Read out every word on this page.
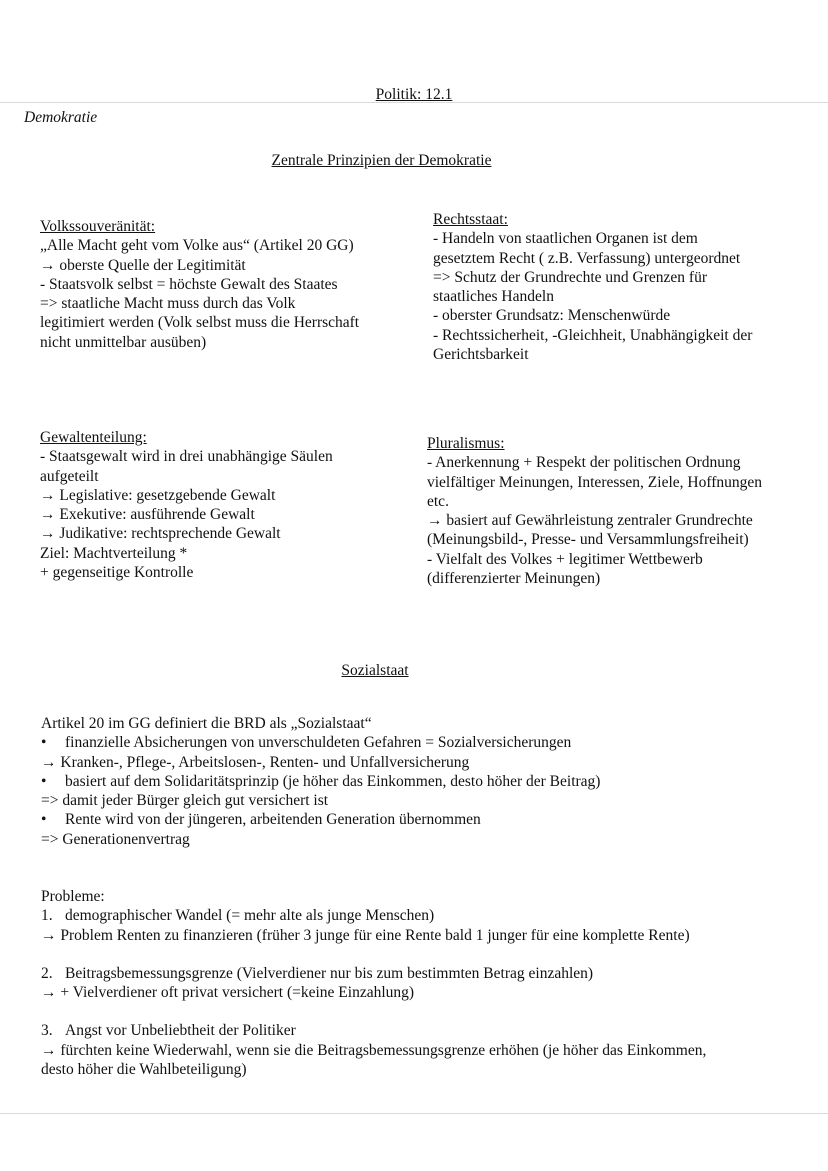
Politik: 12.1
Demokratie
Zentrale Prinzipien der Demokratie
Volkssouveränität:
„Alle Macht geht vom Volke aus“ (Artikel 20 GG)
→ oberste Quelle der Legitimität
- Staatsvolk selbst = höchste Gewalt des Staates
=> staatliche Macht muss durch das Volk
legitimiert werden (Volk selbst muss die Herrschaft
nicht unmittelbar ausüben)
Rechtsstaat:
- Handeln von staatlichen Organen ist dem
gesetztem Recht ( z.B. Verfassung) untergeordnet
=> Schutz der Grundrechte und Grenzen für
staatliches Handeln
- oberster Grundsatz: Menschenwürde
- Rechtssicherheit, -Gleichheit, Unabhängigkeit der
Gerichtsbarkeit
Gewaltenteilung:
- Staatsgewalt wird in drei unabhängige Säulen
aufgeteilt
→ Legislative: gesetzgebende Gewalt
→ Exekutive: ausführende Gewalt
→ Judikative: rechtsprechende Gewalt
Ziel: Machtverteilung *
+ gegenseitige Kontrolle
Pluralismus:
- Anerkennung + Respekt der politischen Ordnung
vielfältiger Meinungen, Interessen, Ziele, Hoffnungen
etc.
→ basiert auf Gewährleistung zentraler Grundrechte
(Meinungsbild-, Presse- und Versammlungsfreiheit)
- Vielfalt des Volkes + legitimer Wettbewerb
(differenzierter Meinungen)
Sozialstaat
Artikel 20 im GG definiert die BRD als „Sozialstaat“
•	finanzielle Absicherungen von unverschuldeten Gefahren = Sozialversicherungen
→ Kranken-, Pflege-, Arbeitslosen-, Renten- und Unfallversicherung
•	basiert auf dem Solidaritätsprinzip (je höher das Einkommen, desto höher der Beitrag)
=> damit jeder Bürger gleich gut versichert ist
•	Rente wird von der jüngeren, arbeitenden Generation übernommen
=> Generationenvertrag
Probleme:
1. demographischer Wandel (= mehr alte als junge Menschen)
→ Problem Renten zu finanzieren (früher 3 junge für eine Rente bald 1 junger für eine komplette Rente)
2. Beitragsbemessungsgrenze (Vielverdiener nur bis zum bestimmten Betrag einzahlen)
→ + Vielverdiener oft privat versichert (=keine Einzahlung)
3. Angst vor Unbeliebtheit der Politiker
→ fürchten keine Wiederwahl, wenn sie die Beitragsbemessungsgrenze erhöhen (je höher das Einkommen,
desto höher die Wahlbeteiligung)
